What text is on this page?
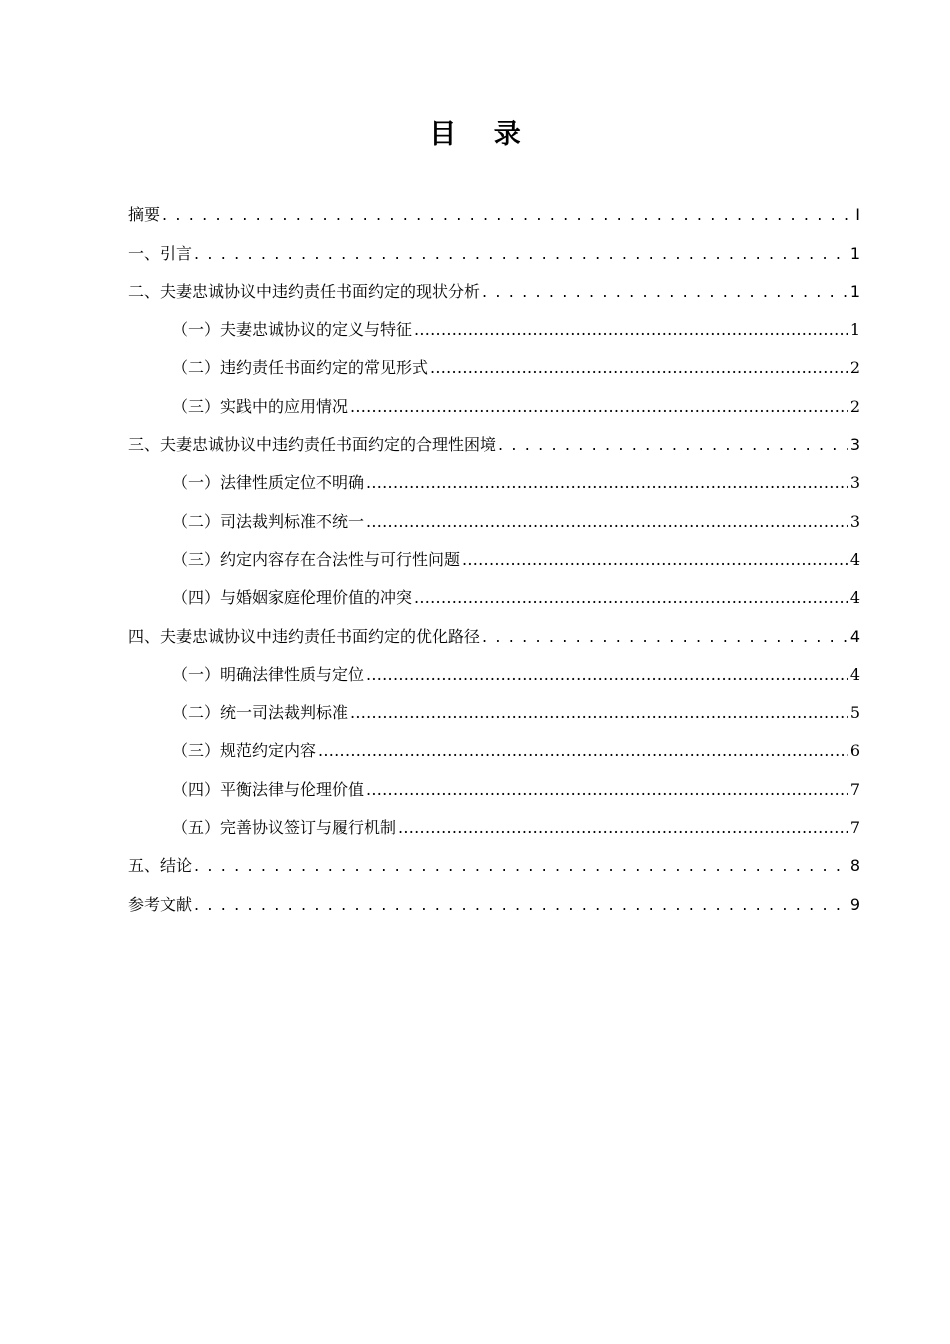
目 录
摘要 . . .	I
一、引言 . . .	1
二、夫妻忠诚协议中违约责任书面约定的现状分析 . . .	1
（一）夫妻忠诚协议的定义与特征 .....	1
（二）违约责任书面约定的常见形式 .....	2
（三）实践中的应用情况 .....	2
三、夫妻忠诚协议中违约责任书面约定的合理性困境 . . .	3
（一）法律性质定位不明确 .....	3
（二）司法裁判标准不统一 .....	3
（三）约定内容存在合法性与可行性问题 .....	4
（四）与婚姻家庭伦理价值的冲突 .....	4
四、夫妻忠诚协议中违约责任书面约定的优化路径 . . .	4
（一）明确法律性质与定位 .....	4
（二）统一司法裁判标准 .....	5
（三）规范约定内容 .....	6
（四）平衡法律与伦理价值 .....	7
（五）完善协议签订与履行机制 .....	7
五、结论 . . .	8
参考文献 . . .	9
